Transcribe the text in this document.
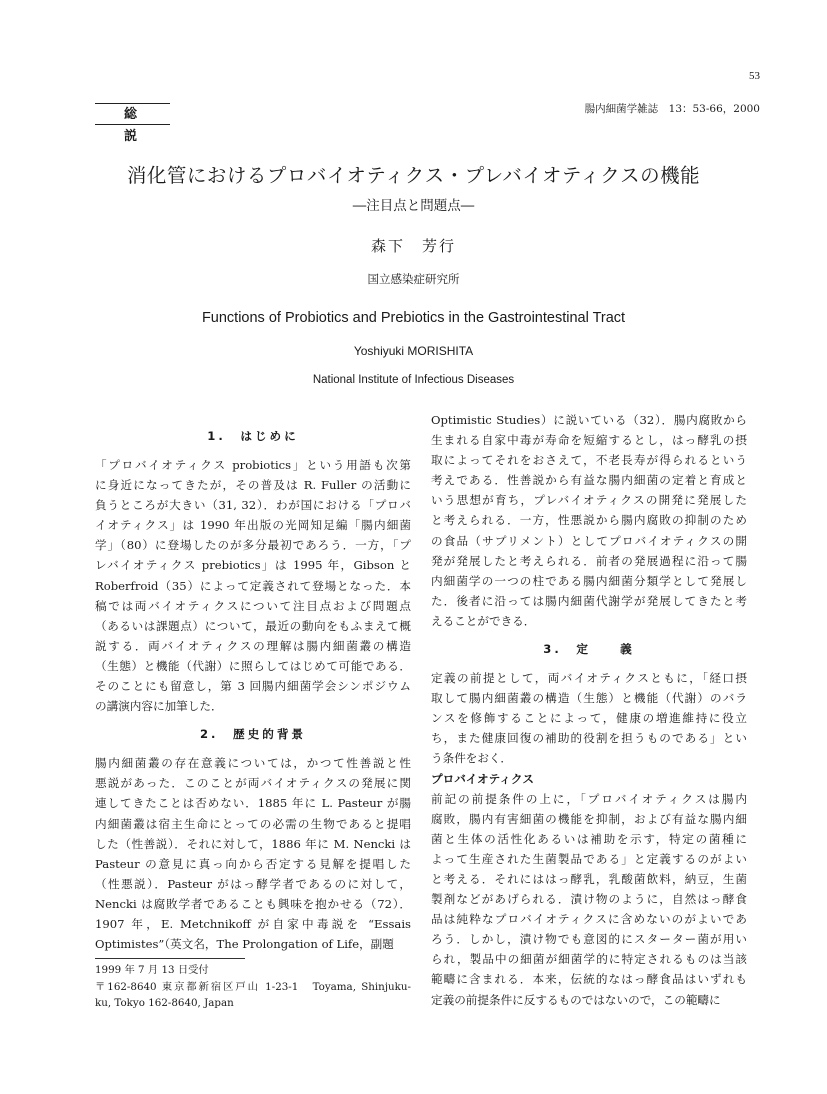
53
総　説
腸内細菌学雑誌　13：53-66，2000
消化管におけるプロバイオティクス・プレバイオティクスの機能
―注目点と問題点―
森下　芳行
国立感染症研究所
Functions of Probiotics and Prebiotics in the Gastrointestinal Tract
Yoshiyuki MORISHITA
National Institute of Infectious Diseases
1.　はじめに
「プロバイオティクス probiotics」という用語も次第
に身近になってきたが，その普及は R. Fuller の活動に
負うところが大きい（31, 32）．わが国における「プロバ
イオティクス」は 1990 年出版の光岡知足編「腸内細菌
学」（80）に登場したのが多分最初であろう．一方，「プ
レバイオティクス prebiotics」は 1995 年，Gibson と
Roberfroid（35）によって定義されて登場となった．本
稿では両バイオティクスについて注目点および問題点
（あるいは課題点）について，最近の動向をもふまえて概
説する．両バイオティクスの理解は腸内細菌叢の構造
（生態）と機能（代謝）に照らしてはじめて可能である．
そのことにも留意し，第 3 回腸内細菌学会シンポジウム
の講演内容に加筆した．
2.　歴史的背景
腸内細菌叢の存在意義については，かつて性善説と性
悪説があった．このことが両バイオティクスの発展に関
連してきたことは否めない．1885 年に L. Pasteur が腸
内細菌叢は宿主生命にとっての必需の生物であると提唱
した（性善説）．それに対して，1886 年に M. Nencki は
Pasteur の意見に真っ向から否定する見解を提唱した
（性悪説）．Pasteur がはっ酵学者であるのに対して，
Nencki は腐敗学者であることも興味を抱かせる（72）．
1907 年，E. Metchnikoff が自家中毒説を “Essais
Optimistes”（英文名，The Prolongation of Life，副題
Optimistic Studies）に説いている（32）．腸内腐敗から
生まれる自家中毒が寿命を短縮するとし，はっ酵乳の摂
取によってそれをおさえて，不老長寿が得られるという
考えである．性善説から有益な腸内細菌の定着と育成と
いう思想が育ち，プレバイオティクスの開発に発展した
と考えられる．一方，性悪説から腸内腐敗の抑制のため
の食品（サプリメント）としてプロバイオティクスの開
発が発展したと考えられる．前者の発展過程に沿って腸
内細菌学の一つの柱である腸内細菌分類学として発展し
た．後者に沿っては腸内細菌代謝学が発展してきたと考
えることができる．
3.　定　　義
定義の前提として，両バイオティクスともに，「経口摂
取して腸内細菌叢の構造（生態）と機能（代謝）のバラ
ンスを修飾することによって，健康の増進維持に役立
ち，また健康回復の補助的役割を担うものである」とい
う条件をおく．
プロバイオティクス
前記の前提条件の上に，「プロバイオティクスは腸内
腐敗，腸内有害細菌の機能を抑制，および有益な腸内細
菌と生体の活性化あるいは補助を示す，特定の菌種に
よって生産された生菌製品である」と定義するのがよい
と考える．それにははっ酵乳，乳酸菌飲料，納豆，生菌
製剤などがあげられる．漬け物のように，自然はっ酵食
品は純粋なプロバイオティクスに含めないのがよいであ
ろう．しかし，漬け物でも意図的にスターター菌が用い
られ，製品中の細菌が細菌学的に特定されるものは当該
範疇に含まれる．本来，伝統的なはっ酵食品はいずれも
定義の前提条件に反するものではないので，この範疇に
1999 年 7 月 13 日受付
〒162-8640 東京都新宿区戸山 1-23-1　Toyama, Shinjuku-
ku, Tokyo 162-8640, Japan
